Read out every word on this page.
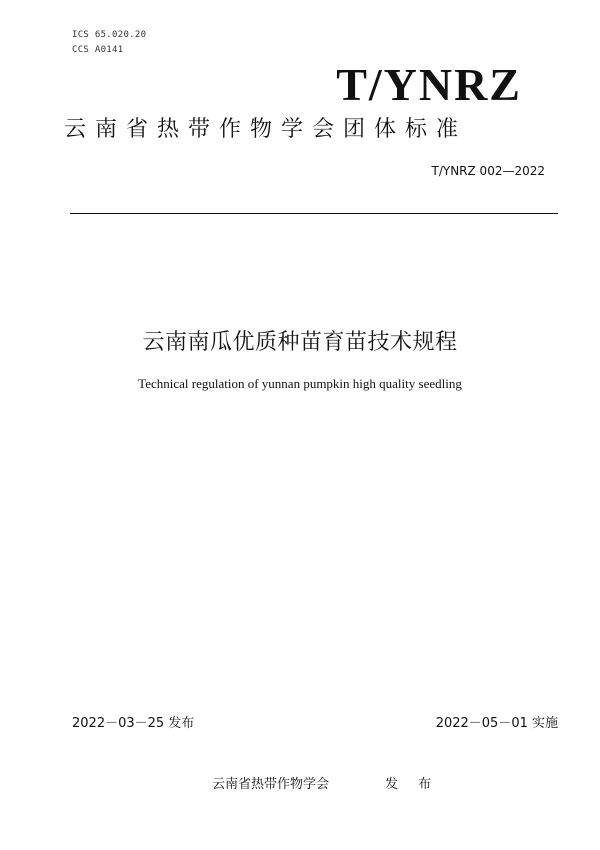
ICS 65.020.20
CCS A0141
T/YNRZ
云南省热带作物学会团体标准
T/YNRZ 002—2022
云南南瓜优质种苗育苗技术规程
Technical regulation of yunnan pumpkin high quality seedling
2022－03－25 发布	2022－05－01 实施
云南省热带作物学会	发 布
